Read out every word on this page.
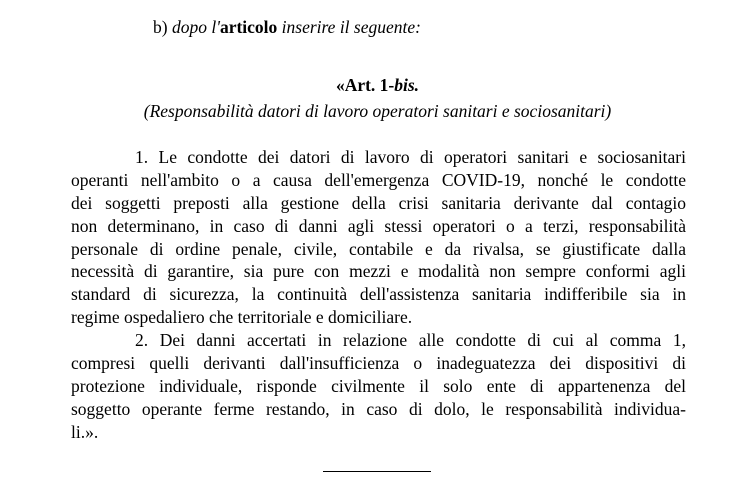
b) dopo l'articolo inserire il seguente:
«Art. 1-bis.
(Responsabilità datori di lavoro operatori sanitari e sociosanitari)
1. Le condotte dei datori di lavoro di operatori sanitari e sociosanitari
operanti nell'ambito o a causa dell'emergenza COVID-19, nonché le condotte
dei soggetti preposti alla gestione della crisi sanitaria derivante dal contagio
non determinano, in caso di danni agli stessi operatori o a terzi, responsabilità
personale di ordine penale, civile, contabile e da rivalsa, se giustificate dalla
necessità di garantire, sia pure con mezzi e modalità non sempre conformi agli
standard di sicurezza, la continuità dell'assistenza sanitaria indifferibile sia in
regime ospedaliero che territoriale e domiciliare.
2. Dei danni accertati in relazione alle condotte di cui al comma 1,
compresi quelli derivanti dall'insufficienza o inadeguatezza dei dispositivi di
protezione individuale, risponde civilmente il solo ente di appartenenza del
soggetto operante ferme restando, in caso di dolo, le responsabilità individua-
li.».
